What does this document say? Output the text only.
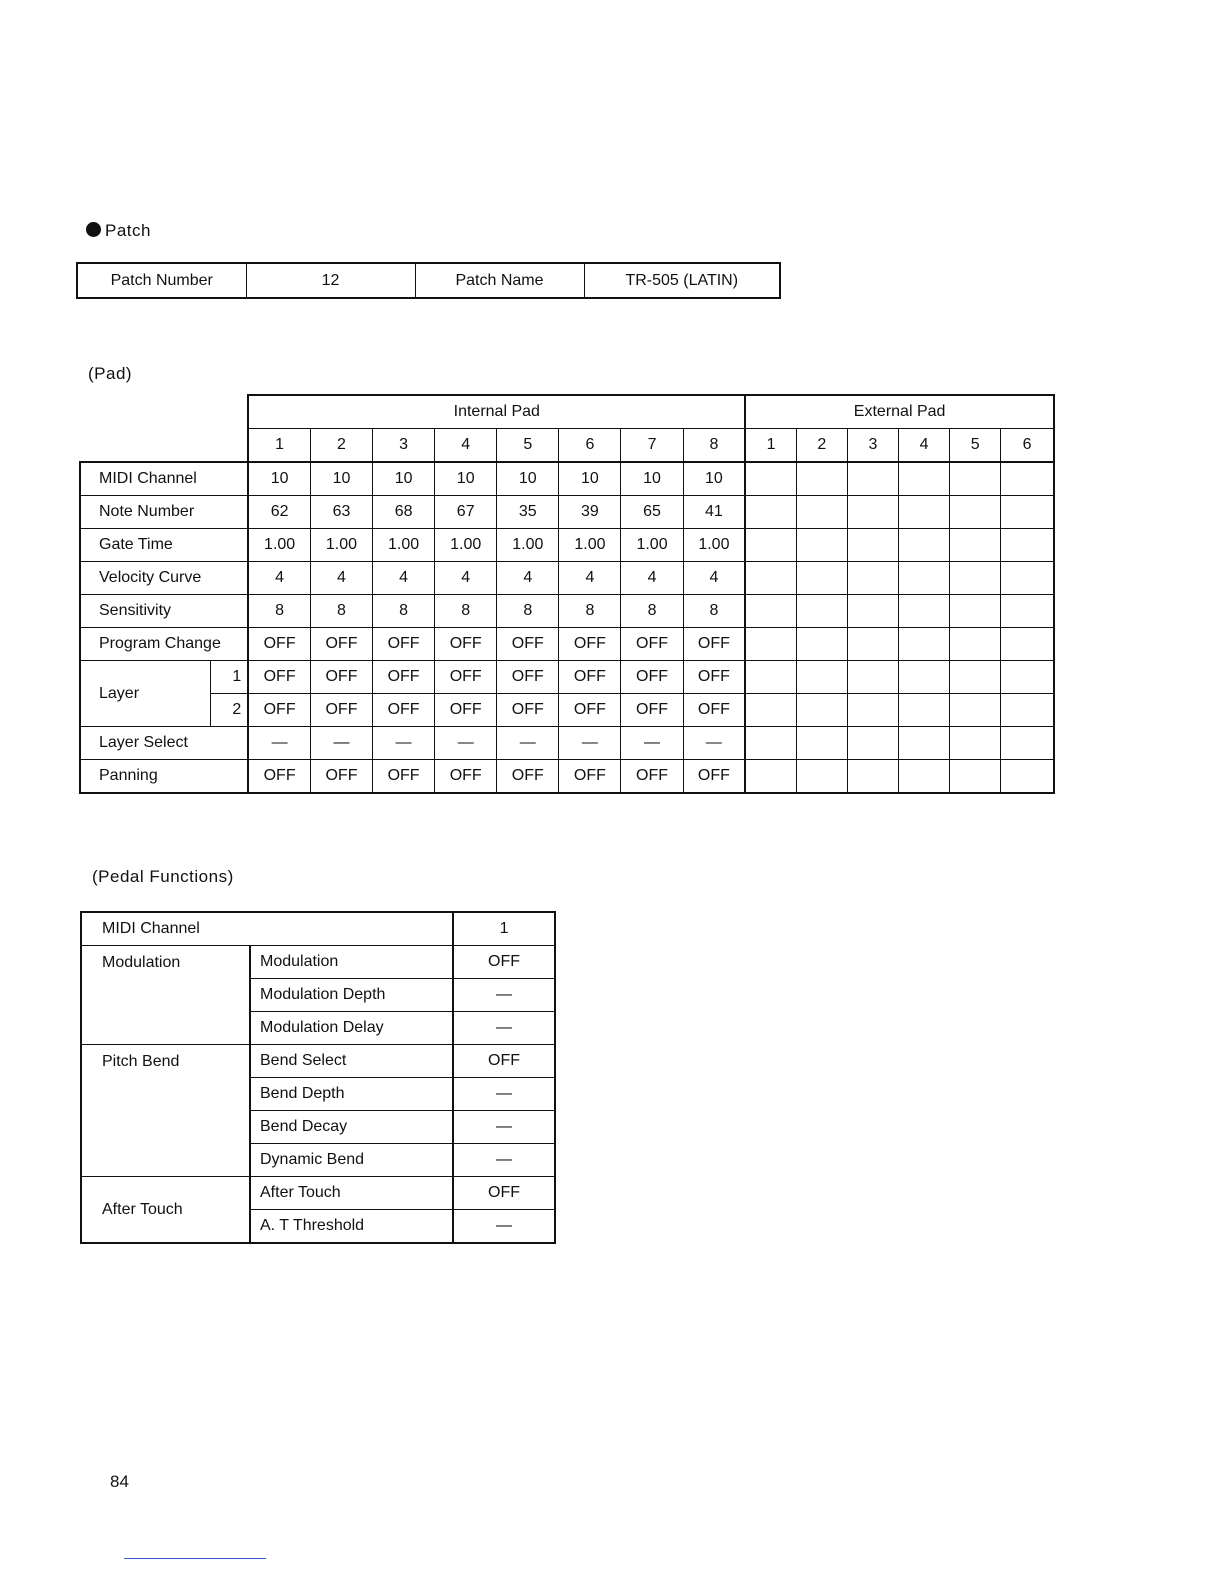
Patch
Patch Number	12	Patch Name	TR-505 (LATIN)
(Pad)
		Internal Pad								External Pad					
		1	2	3	4	5	6	7	8	1	2	3	4	5	6
MIDI Channel		10	10	10	10	10	10	10	10						
Note Number		62	63	68	67	35	39	65	41						
Gate Time		1.00	1.00	1.00	1.00	1.00	1.00	1.00	1.00						
Velocity Curve		4	4	4	4	4	4	4	4						
Sensitivity		8	8	8	8	8	8	8	8						
Program Change		OFF	OFF	OFF	OFF	OFF	OFF	OFF	OFF						
Layer	1	OFF	OFF	OFF	OFF	OFF	OFF	OFF	OFF						
	2	OFF	OFF	OFF	OFF	OFF	OFF	OFF	OFF						
Layer Select		—	—	—	—	—	—	—	—						
Panning		OFF	OFF	OFF	OFF	OFF	OFF	OFF	OFF						
(Pedal Functions)
MIDI Channel		1
Modulation	Modulation	OFF
	Modulation Depth	—
	Modulation Delay	—
Pitch Bend	Bend Select	OFF
	Bend Depth	—
	Bend Decay	—
	Dynamic Bend	—
After Touch	After Touch	OFF
	A. T Threshold	—
84
